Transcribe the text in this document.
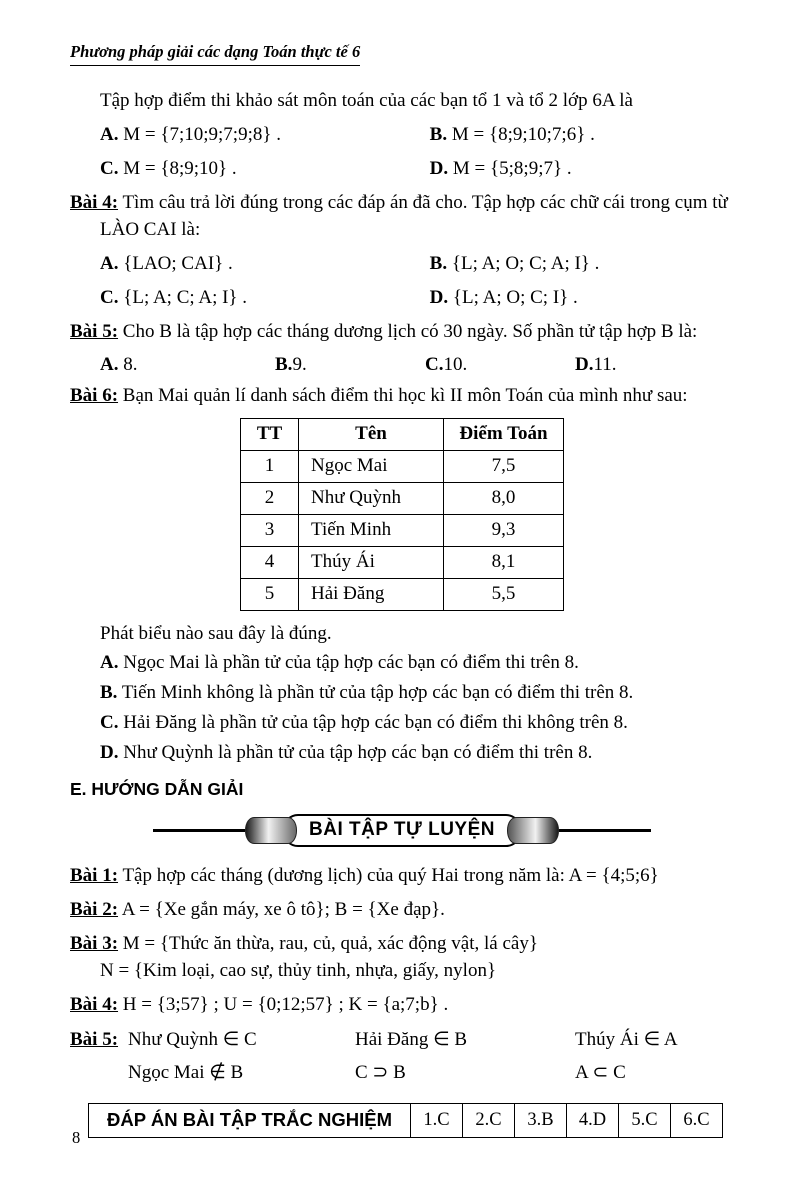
Phương pháp giải các dạng Toán thực tế 6

Tập hợp điểm thi khảo sát môn toán của các bạn tổ 1 và tổ 2 lớp 6A là

A. M = {7;10;9;7;9;8} .	B. M = {8;9;10;7;6} .
C. M = {8;9;10} .	D. M = {5;8;9;7} .

Bài 4: Tìm câu trả lời đúng trong các đáp án đã cho. Tập hợp các chữ cái trong cụm từ LÀO CAI là:

A. {LAO; CAI} .	B. {L; A; O; C; A; I} .
C. {L; A; C; A; I} .	D. {L; A; O; C; I} .

Bài 5: Cho B là tập hợp các tháng dương lịch có 30 ngày. Số phần tử tập hợp B là:

A. 8.	B.9.	C.10.	D.11.

Bài 6: Bạn Mai quản lí danh sách điểm thi học kì II môn Toán của mình như sau:

TT	Tên	Điểm Toán
1	Ngọc Mai	7,5
2	Như Quỳnh	8,0
3	Tiến Minh	9,3
4	Thúy Ái	8,1
5	Hải Đăng	5,5

Phát biểu nào sau đây là đúng.

A. Ngọc Mai là phần tử của tập hợp các bạn có điểm thi trên 8.

B. Tiến Minh không là phần tử của tập hợp các bạn có điểm thi trên 8.

C. Hải Đăng là phần tử của tập hợp các bạn có điểm thi không trên 8.

D. Như Quỳnh là phần tử của tập hợp các bạn có điểm thi trên 8.

E. HƯỚNG DẪN GIẢI

BÀI TẬP TỰ LUYỆN

Bài 1: Tập hợp các tháng (dương lịch) của quý Hai trong năm là: A = {4;5;6}

Bài 2: A = {Xe gắn máy, xe ô tô}; B = {Xe đạp}.

Bài 3: M = {Thức ăn thừa, rau, củ, quả, xác động vật, lá cây}

N = {Kim loại, cao sự, thủy tinh, nhựa, giấy, nylon}

Bài 4: H = {3;57} ; U = {0;12;57} ; K = {a;7;b} .

Bài 5: Như Quỳnh ∈ C	Hải Đăng ∈ B	Thúy Ái ∈ A
Ngọc Mai ∉ B	C ⊃ B	A ⊂ C
ĐÁP ÁN BÀI TẬP TRẮC NGHIỆM	1.C	2.C	3.B	4.D	5.C	6.C
8
